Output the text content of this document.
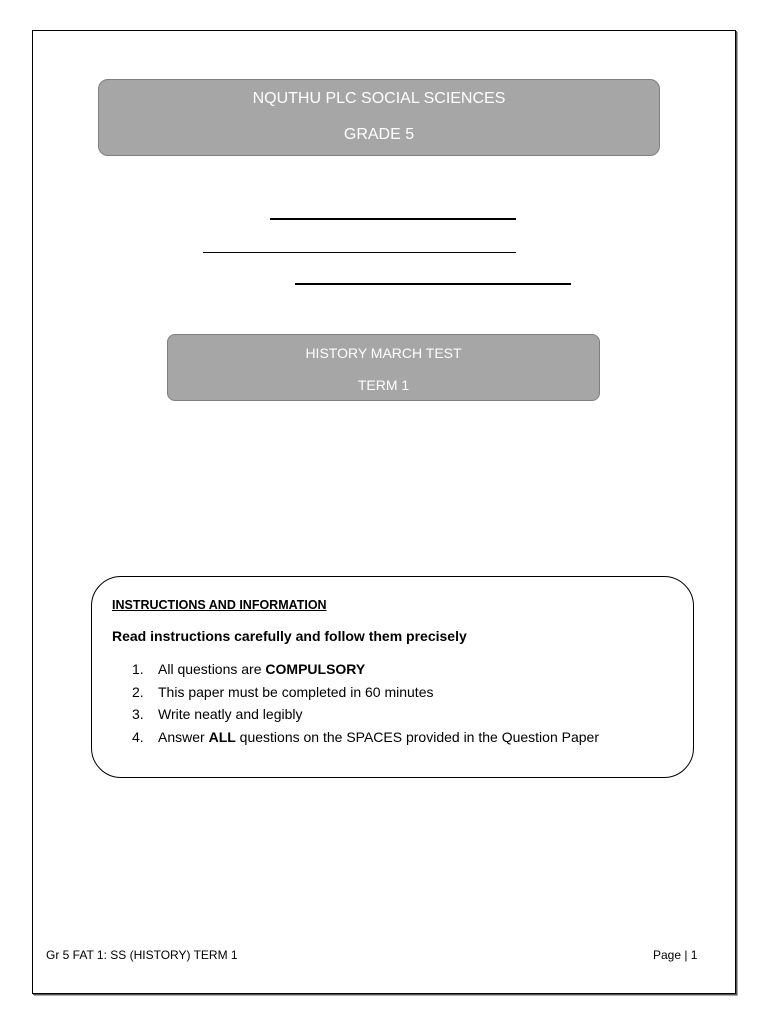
NQUTHU PLC SOCIAL SCIENCES
GRADE 5
HISTORY MARCH TEST
TERM 1
INSTRUCTIONS AND INFORMATION
Read instructions carefully and follow them precisely
1. All questions are COMPULSORY
2. This paper must be completed in 60 minutes
3. Write neatly and legibly
4. Answer ALL questions on the SPACES provided in the Question Paper
Gr 5 FAT 1: SS (HISTORY) TERM 1	Page | 1
